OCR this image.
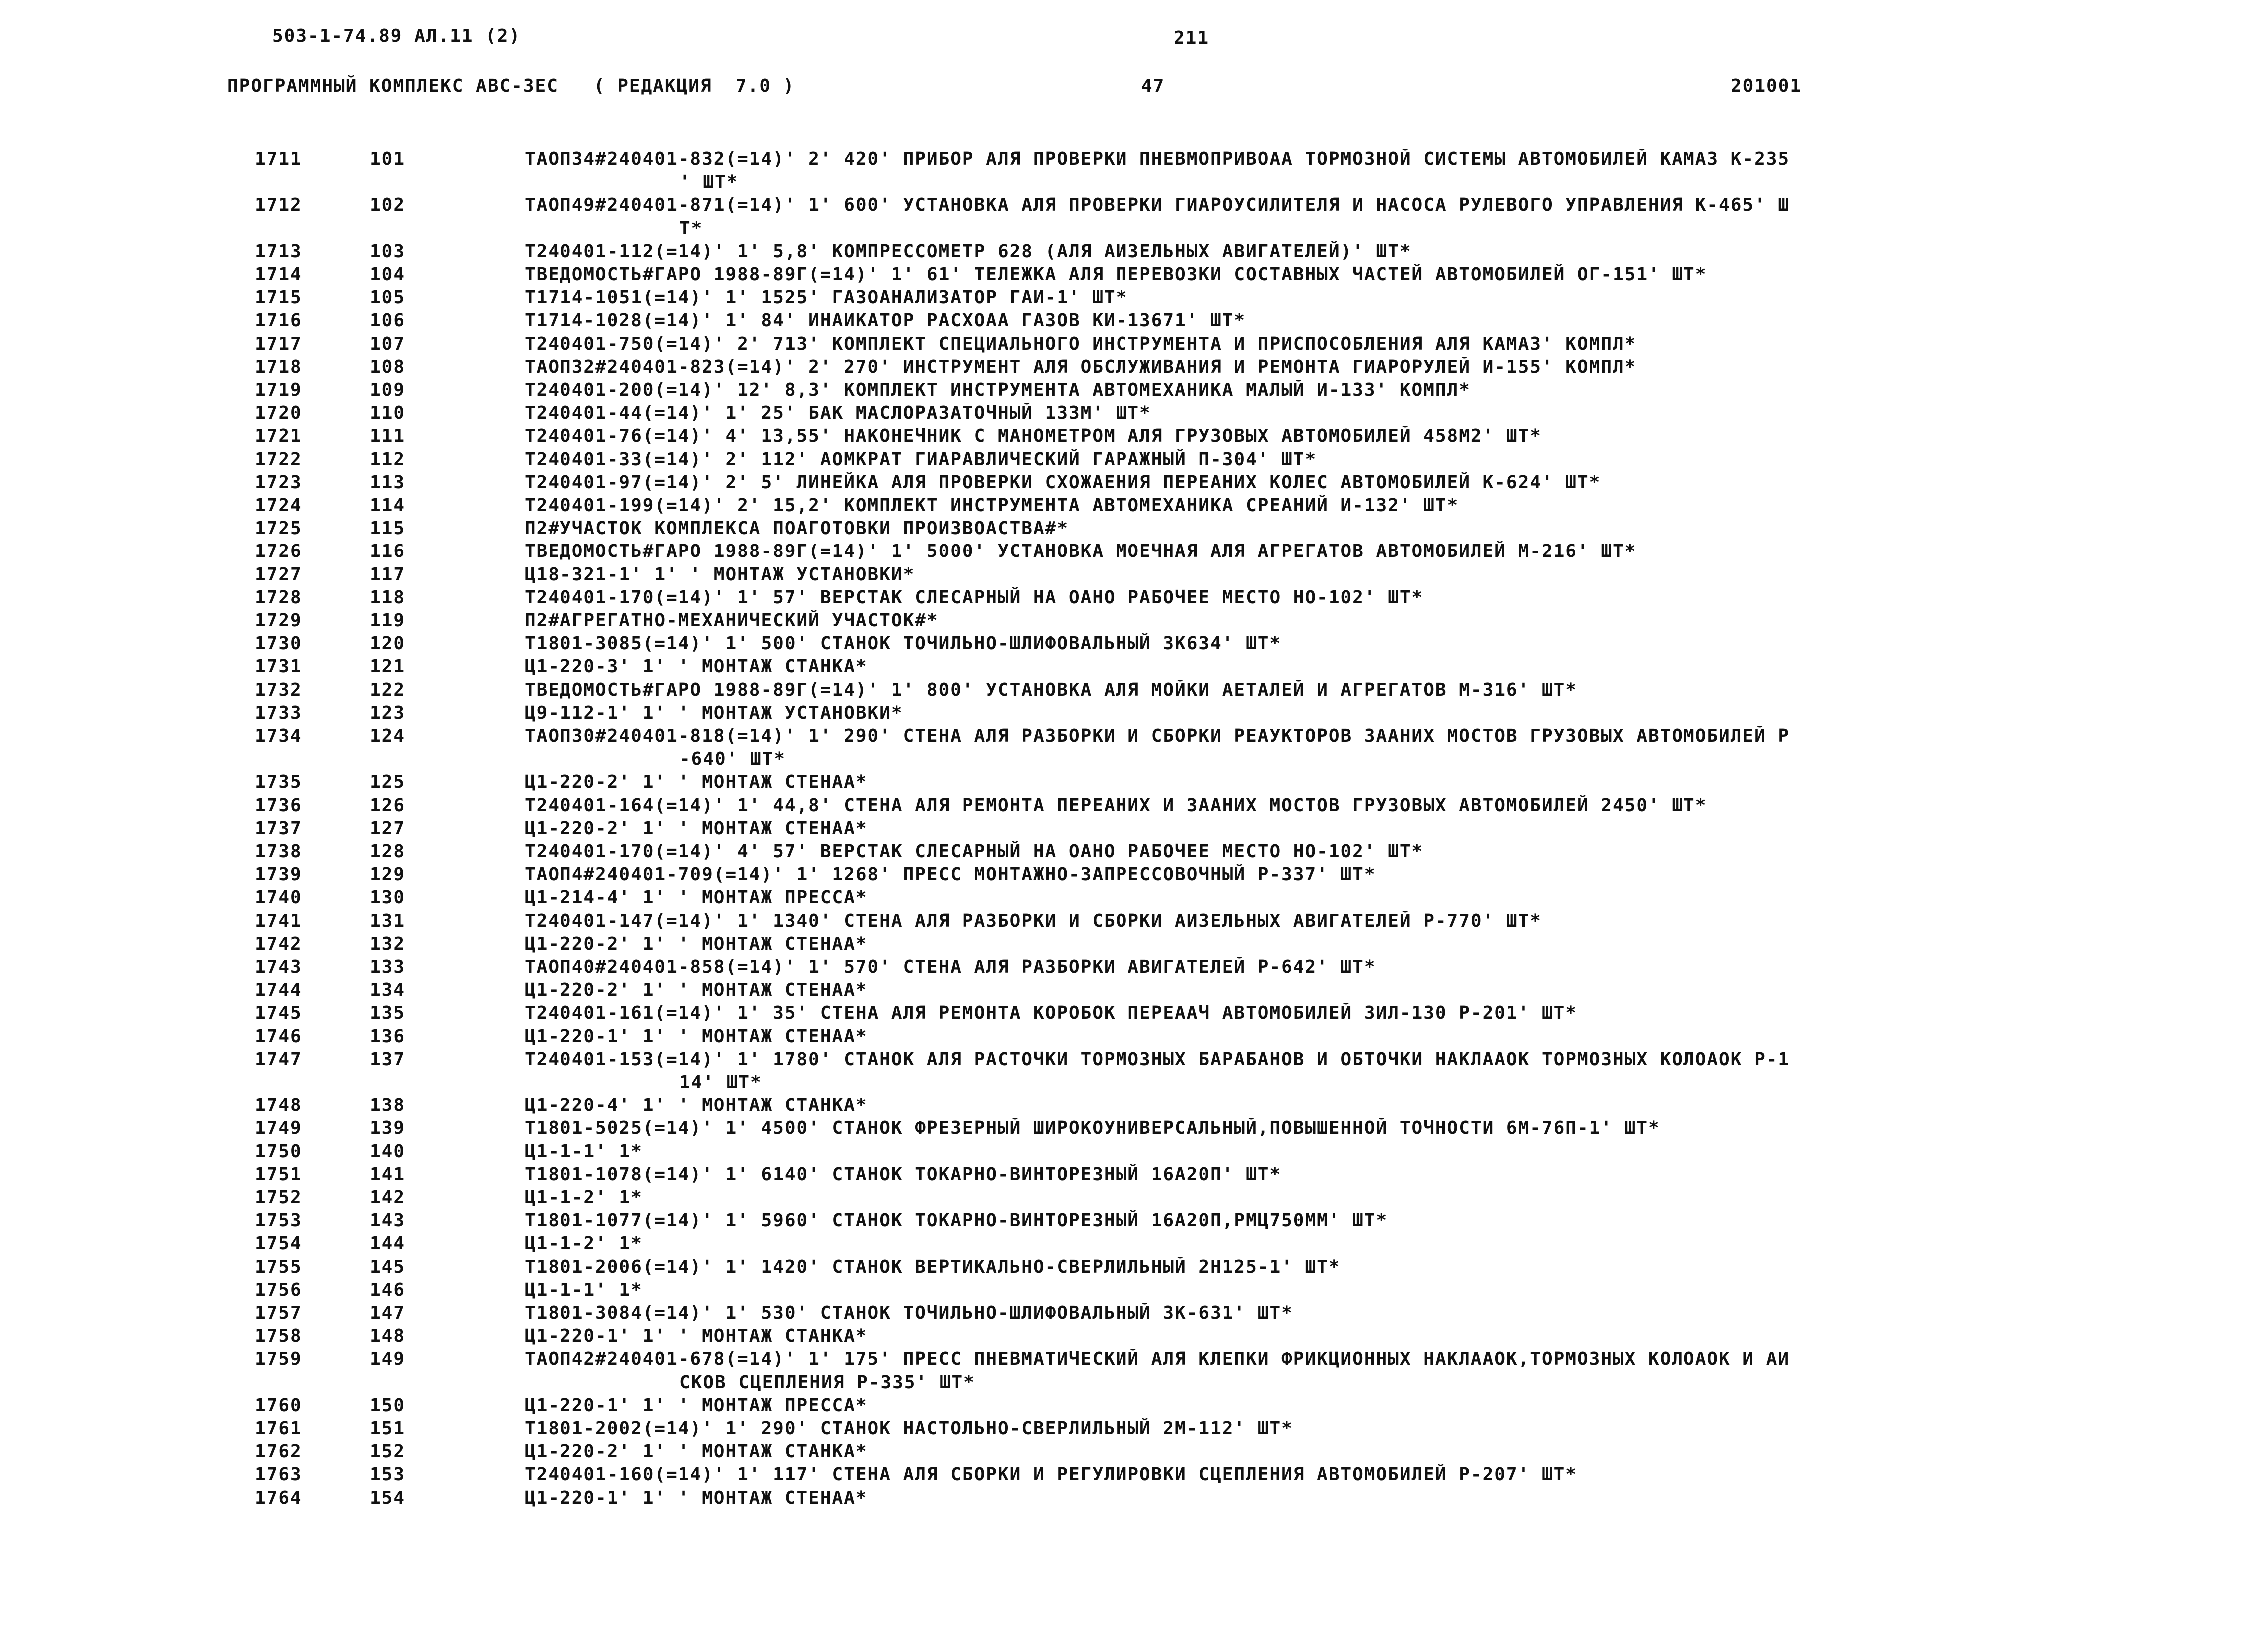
503-1-74.89 АЛ.11 (2)	211
ПРОГРАММНЫЙ КОМПЛЕКС АВС-3ЕС   ( РЕДАКЦИЯ  7.0 )	47	201001
1711	101	ТАОП34#240401-832(=14)' 2' 420' ПРИБОР АЛЯ ПРОВЕРКИ ПНЕВМОПРИВОАА ТОРМОЗНОЙ СИСТЕМЫ АВТОМОБИЛЕЙ КАМАЗ К-235
' ШТ*
1712	102	ТАОП49#240401-871(=14)' 1' 600' УСТАНОВКА АЛЯ ПРОВЕРКИ ГИАРОУСИЛИТЕЛЯ И НАСОСА РУЛЕВОГО УПРАВЛЕНИЯ К-465' Ш
Т*
1713	103	Т240401-112(=14)' 1' 5,8' КОМПРЕССОМЕТР 628 (АЛЯ АИЗЕЛЬНЫХ АВИГАТЕЛЕЙ)' ШТ*
1714	104	ТВЕДОМОСТЬ#ГАРО 1988-89Г(=14)' 1' 61' ТЕЛЕЖКА АЛЯ ПЕРЕВОЗКИ СОСТАВНЫХ ЧАСТЕЙ АВТОМОБИЛЕЙ ОГ-151' ШТ*
1715	105	Т1714-1051(=14)' 1' 1525' ГАЗОАНАЛИЗАТОР ГАИ-1' ШТ*
1716	106	Т1714-1028(=14)' 1' 84' ИНАИКАТОР РАСХОАА ГАЗОВ КИ-13671' ШТ*
1717	107	Т240401-750(=14)' 2' 713' КОМПЛЕКТ СПЕЦИАЛЬНОГО ИНСТРУМЕНТА И ПРИСПОСОБЛЕНИЯ АЛЯ КАМАЗ' КОМПЛ*
1718	108	ТАОП32#240401-823(=14)' 2' 270' ИНСТРУМЕНТ АЛЯ ОБСЛУЖИВАНИЯ И РЕМОНТА ГИАРОРУЛЕЙ И-155' КОМПЛ*
1719	109	Т240401-200(=14)' 12' 8,3' КОМПЛЕКТ ИНСТРУМЕНТА АВТОМЕХАНИКА МАЛЫЙ И-133' КОМПЛ*
1720	110	Т240401-44(=14)' 1' 25' БАК МАСЛОРАЗАТОЧНЫЙ 133М' ШТ*
1721	111	Т240401-76(=14)' 4' 13,55' НАКОНЕЧНИК С МАНОМЕТРОМ АЛЯ ГРУЗОВЫХ АВТОМОБИЛЕЙ 458М2' ШТ*
1722	112	Т240401-33(=14)' 2' 112' АОМКРАТ ГИАРАВЛИЧЕСКИЙ ГАРАЖНЫЙ П-304' ШТ*
1723	113	Т240401-97(=14)' 2' 5' ЛИНЕЙКА АЛЯ ПРОВЕРКИ СХОЖАЕНИЯ ПЕРЕАНИХ КОЛЕС АВТОМОБИЛЕЙ К-624' ШТ*
1724	114	Т240401-199(=14)' 2' 15,2' КОМПЛЕКТ ИНСТРУМЕНТА АВТОМЕХАНИКА СРЕАНИЙ И-132' ШТ*
1725	115	П2#УЧАСТОК КОМПЛЕКСА ПОАГОТОВКИ ПРОИЗВОАСТВА#*
1726	116	ТВЕДОМОСТЬ#ГАРО 1988-89Г(=14)' 1' 5000' УСТАНОВКА МОЕЧНАЯ АЛЯ АГРЕГАТОВ АВТОМОБИЛЕЙ М-216' ШТ*
1727	117	Ц18-321-1' 1' ' МОНТАЖ УСТАНОВКИ*
1728	118	Т240401-170(=14)' 1' 57' ВЕРСТАК СЛЕСАРНЫЙ НА ОАНО РАБОЧЕЕ МЕСТО НО-102' ШТ*
1729	119	П2#АГРЕГАТНО-МЕХАНИЧЕСКИЙ УЧАСТОК#*
1730	120	Т1801-3085(=14)' 1' 500' СТАНОК ТОЧИЛЬНО-ШЛИФОВАЛЬНЫЙ 3К634' ШТ*
1731	121	Ц1-220-3' 1' ' МОНТАЖ СТАНКА*
1732	122	ТВЕДОМОСТЬ#ГАРО 1988-89Г(=14)' 1' 800' УСТАНОВКА АЛЯ МОЙКИ АЕТАЛЕЙ И АГРЕГАТОВ М-316' ШТ*
1733	123	Ц9-112-1' 1' ' МОНТАЖ УСТАНОВКИ*
1734	124	ТАОП30#240401-818(=14)' 1' 290' СТЕНА АЛЯ РАЗБОРКИ И СБОРКИ РЕАУКТОРОВ ЗААНИХ МОСТОВ ГРУЗОВЫХ АВТОМОБИЛЕЙ Р
-640' ШТ*
1735	125	Ц1-220-2' 1' ' МОНТАЖ СТЕНАА*
1736	126	Т240401-164(=14)' 1' 44,8' СТЕНА АЛЯ РЕМОНТА ПЕРЕАНИХ И ЗААНИХ МОСТОВ ГРУЗОВЫХ АВТОМОБИЛЕЙ 2450' ШТ*
1737	127	Ц1-220-2' 1' ' МОНТАЖ СТЕНАА*
1738	128	Т240401-170(=14)' 4' 57' ВЕРСТАК СЛЕСАРНЫЙ НА ОАНО РАБОЧЕЕ МЕСТО НО-102' ШТ*
1739	129	ТАОП4#240401-709(=14)' 1' 1268' ПРЕСС МОНТАЖНО-ЗАПРЕССОВОЧНЫЙ Р-337' ШТ*
1740	130	Ц1-214-4' 1' ' МОНТАЖ ПРЕССА*
1741	131	Т240401-147(=14)' 1' 1340' СТЕНА АЛЯ РАЗБОРКИ И СБОРКИ АИЗЕЛЬНЫХ АВИГАТЕЛЕЙ Р-770' ШТ*
1742	132	Ц1-220-2' 1' ' МОНТАЖ СТЕНАА*
1743	133	ТАОП40#240401-858(=14)' 1' 570' СТЕНА АЛЯ РАЗБОРКИ АВИГАТЕЛЕЙ Р-642' ШТ*
1744	134	Ц1-220-2' 1' ' МОНТАЖ СТЕНАА*
1745	135	Т240401-161(=14)' 1' 35' СТЕНА АЛЯ РЕМОНТА КОРОБОК ПЕРЕААЧ АВТОМОБИЛЕЙ ЗИЛ-130 Р-201' ШТ*
1746	136	Ц1-220-1' 1' ' МОНТАЖ СТЕНАА*
1747	137	Т240401-153(=14)' 1' 1780' СТАНОК АЛЯ РАСТОЧКИ ТОРМОЗНЫХ БАРАБАНОВ И ОБТОЧКИ НАКЛААОК ТОРМОЗНЫХ КОЛОАОК Р-1
14' ШТ*
1748	138	Ц1-220-4' 1' ' МОНТАЖ СТАНКА*
1749	139	Т1801-5025(=14)' 1' 4500' СТАНОК ФРЕЗЕРНЫЙ ШИРОКОУНИВЕРСАЛЬНЫЙ,ПОВЫШЕННОЙ ТОЧНОСТИ 6М-76П-1' ШТ*
1750	140	Ц1-1-1' 1*
1751	141	Т1801-1078(=14)' 1' 6140' СТАНОК ТОКАРНО-ВИНТОРЕЗНЫЙ 16А20П' ШТ*
1752	142	Ц1-1-2' 1*
1753	143	Т1801-1077(=14)' 1' 5960' СТАНОК ТОКАРНО-ВИНТОРЕЗНЫЙ 16А20П,РМЦ750ММ' ШТ*
1754	144	Ц1-1-2' 1*
1755	145	Т1801-2006(=14)' 1' 1420' СТАНОК ВЕРТИКАЛЬНО-СВЕРЛИЛЬНЫЙ 2Н125-1' ШТ*
1756	146	Ц1-1-1' 1*
1757	147	Т1801-3084(=14)' 1' 530' СТАНОК ТОЧИЛЬНО-ШЛИФОВАЛЬНЫЙ 3К-631' ШТ*
1758	148	Ц1-220-1' 1' ' МОНТАЖ СТАНКА*
1759	149	ТАОП42#240401-678(=14)' 1' 175' ПРЕСС ПНЕВМАТИЧЕСКИЙ АЛЯ КЛЕПКИ ФРИКЦИОННЫХ НАКЛААОК,ТОРМОЗНЫХ КОЛОАОК И АИ
СКОВ СЦЕПЛЕНИЯ Р-335' ШТ*
1760	150	Ц1-220-1' 1' ' МОНТАЖ ПРЕССА*
1761	151	Т1801-2002(=14)' 1' 290' СТАНОК НАСТОЛЬНО-СВЕРЛИЛЬНЫЙ 2М-112' ШТ*
1762	152	Ц1-220-2' 1' ' МОНТАЖ СТАНКА*
1763	153	Т240401-160(=14)' 1' 117' СТЕНА АЛЯ СБОРКИ И РЕГУЛИРОВКИ СЦЕПЛЕНИЯ АВТОМОБИЛЕЙ Р-207' ШТ*
1764	154	Ц1-220-1' 1' ' МОНТАЖ СТЕНАА*
